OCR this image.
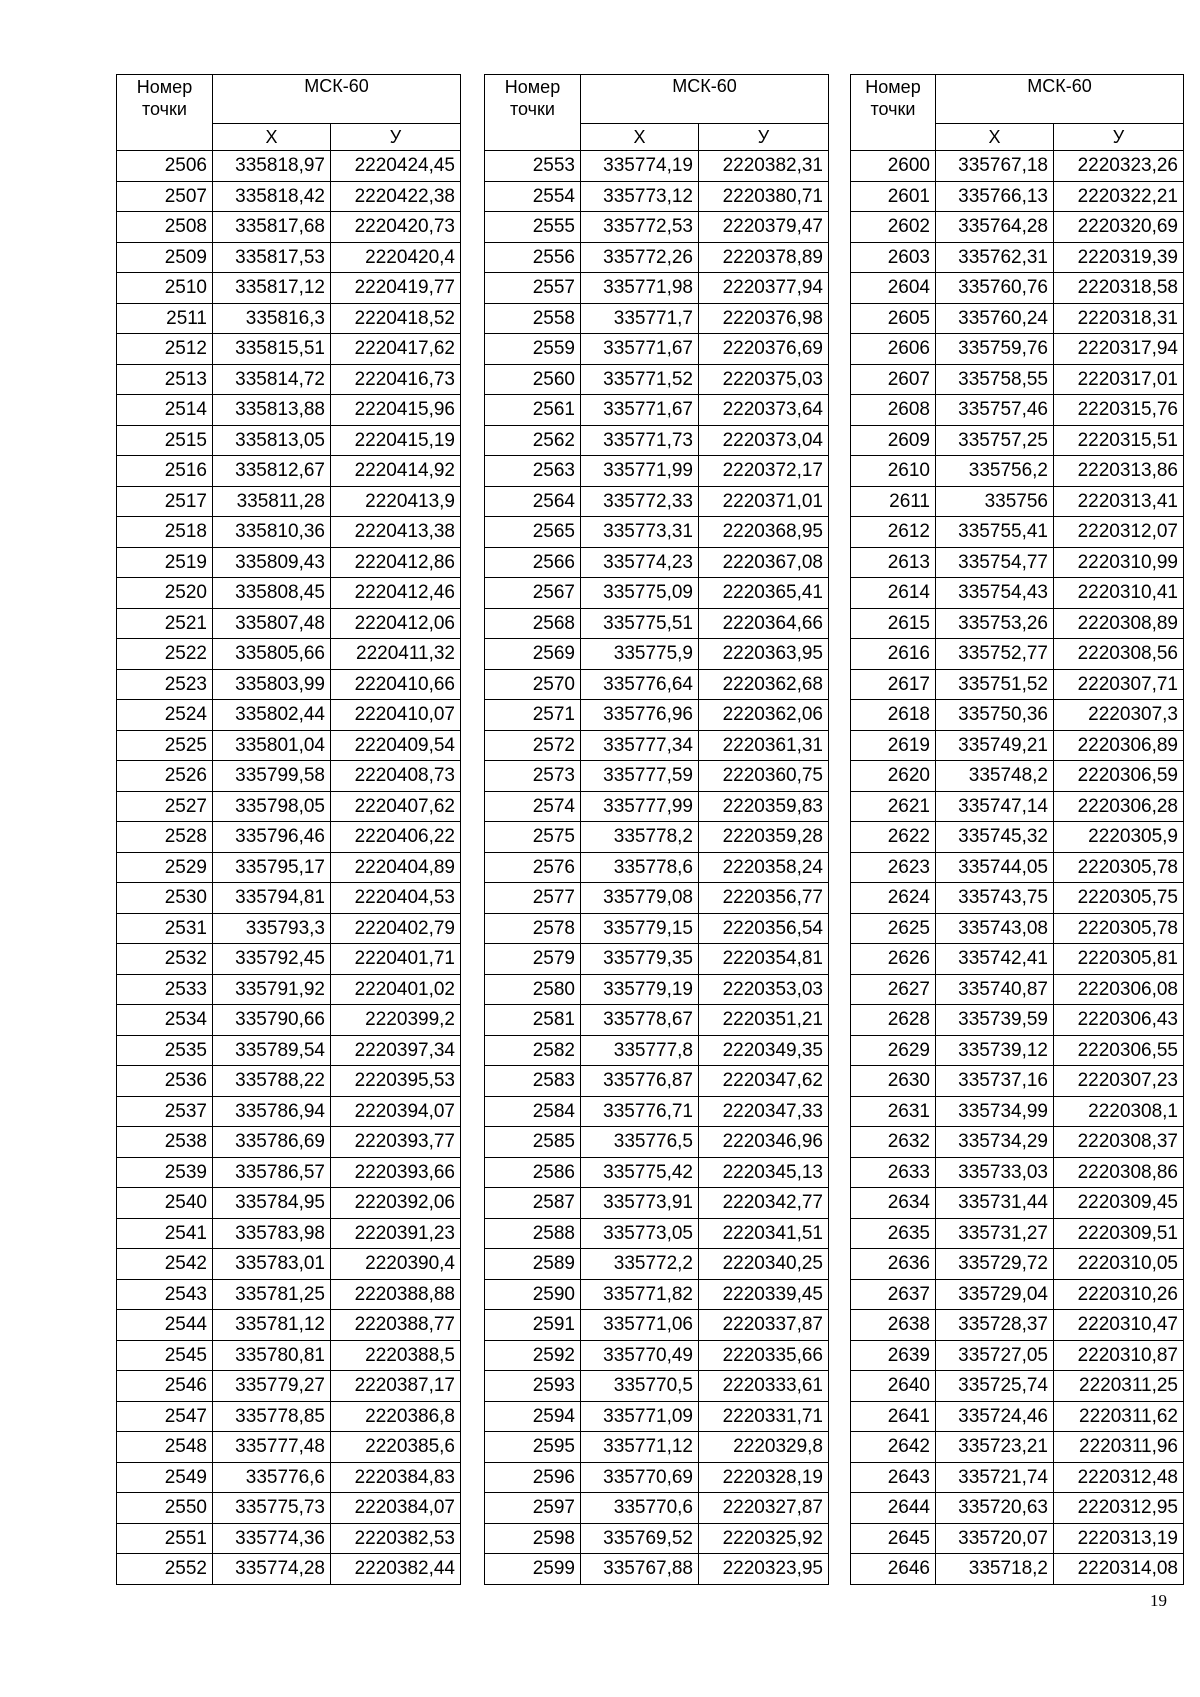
Номер точки	МСК-60	
	Х	У
2506	335818,97	2220424,45
2507	335818,42	2220422,38
2508	335817,68	2220420,73
2509	335817,53	2220420,4
2510	335817,12	2220419,77
2511	335816,3	2220418,52
2512	335815,51	2220417,62
2513	335814,72	2220416,73
2514	335813,88	2220415,96
2515	335813,05	2220415,19
2516	335812,67	2220414,92
2517	335811,28	2220413,9
2518	335810,36	2220413,38
2519	335809,43	2220412,86
2520	335808,45	2220412,46
2521	335807,48	2220412,06
2522	335805,66	2220411,32
2523	335803,99	2220410,66
2524	335802,44	2220410,07
2525	335801,04	2220409,54
2526	335799,58	2220408,73
2527	335798,05	2220407,62
2528	335796,46	2220406,22
2529	335795,17	2220404,89
2530	335794,81	2220404,53
2531	335793,3	2220402,79
2532	335792,45	2220401,71
2533	335791,92	2220401,02
2534	335790,66	2220399,2
2535	335789,54	2220397,34
2536	335788,22	2220395,53
2537	335786,94	2220394,07
2538	335786,69	2220393,77
2539	335786,57	2220393,66
2540	335784,95	2220392,06
2541	335783,98	2220391,23
2542	335783,01	2220390,4
2543	335781,25	2220388,88
2544	335781,12	2220388,77
2545	335780,81	2220388,5
2546	335779,27	2220387,17
2547	335778,85	2220386,8
2548	335777,48	2220385,6
2549	335776,6	2220384,83
2550	335775,73	2220384,07
2551	335774,36	2220382,53
2552	335774,28	2220382,44
Номер точки	МСК-60	
	Х	У
2553	335774,19	2220382,31
2554	335773,12	2220380,71
2555	335772,53	2220379,47
2556	335772,26	2220378,89
2557	335771,98	2220377,94
2558	335771,7	2220376,98
2559	335771,67	2220376,69
2560	335771,52	2220375,03
2561	335771,67	2220373,64
2562	335771,73	2220373,04
2563	335771,99	2220372,17
2564	335772,33	2220371,01
2565	335773,31	2220368,95
2566	335774,23	2220367,08
2567	335775,09	2220365,41
2568	335775,51	2220364,66
2569	335775,9	2220363,95
2570	335776,64	2220362,68
2571	335776,96	2220362,06
2572	335777,34	2220361,31
2573	335777,59	2220360,75
2574	335777,99	2220359,83
2575	335778,2	2220359,28
2576	335778,6	2220358,24
2577	335779,08	2220356,77
2578	335779,15	2220356,54
2579	335779,35	2220354,81
2580	335779,19	2220353,03
2581	335778,67	2220351,21
2582	335777,8	2220349,35
2583	335776,87	2220347,62
2584	335776,71	2220347,33
2585	335776,5	2220346,96
2586	335775,42	2220345,13
2587	335773,91	2220342,77
2588	335773,05	2220341,51
2589	335772,2	2220340,25
2590	335771,82	2220339,45
2591	335771,06	2220337,87
2592	335770,49	2220335,66
2593	335770,5	2220333,61
2594	335771,09	2220331,71
2595	335771,12	2220329,8
2596	335770,69	2220328,19
2597	335770,6	2220327,87
2598	335769,52	2220325,92
2599	335767,88	2220323,95
Номер точки	МСК-60	
	Х	У
2600	335767,18	2220323,26
2601	335766,13	2220322,21
2602	335764,28	2220320,69
2603	335762,31	2220319,39
2604	335760,76	2220318,58
2605	335760,24	2220318,31
2606	335759,76	2220317,94
2607	335758,55	2220317,01
2608	335757,46	2220315,76
2609	335757,25	2220315,51
2610	335756,2	2220313,86
2611	335756	2220313,41
2612	335755,41	2220312,07
2613	335754,77	2220310,99
2614	335754,43	2220310,41
2615	335753,26	2220308,89
2616	335752,77	2220308,56
2617	335751,52	2220307,71
2618	335750,36	2220307,3
2619	335749,21	2220306,89
2620	335748,2	2220306,59
2621	335747,14	2220306,28
2622	335745,32	2220305,9
2623	335744,05	2220305,78
2624	335743,75	2220305,75
2625	335743,08	2220305,78
2626	335742,41	2220305,81
2627	335740,87	2220306,08
2628	335739,59	2220306,43
2629	335739,12	2220306,55
2630	335737,16	2220307,23
2631	335734,99	2220308,1
2632	335734,29	2220308,37
2633	335733,03	2220308,86
2634	335731,44	2220309,45
2635	335731,27	2220309,51
2636	335729,72	2220310,05
2637	335729,04	2220310,26
2638	335728,37	2220310,47
2639	335727,05	2220310,87
2640	335725,74	2220311,25
2641	335724,46	2220311,62
2642	335723,21	2220311,96
2643	335721,74	2220312,48
2644	335720,63	2220312,95
2645	335720,07	2220313,19
2646	335718,2	2220314,08
19
